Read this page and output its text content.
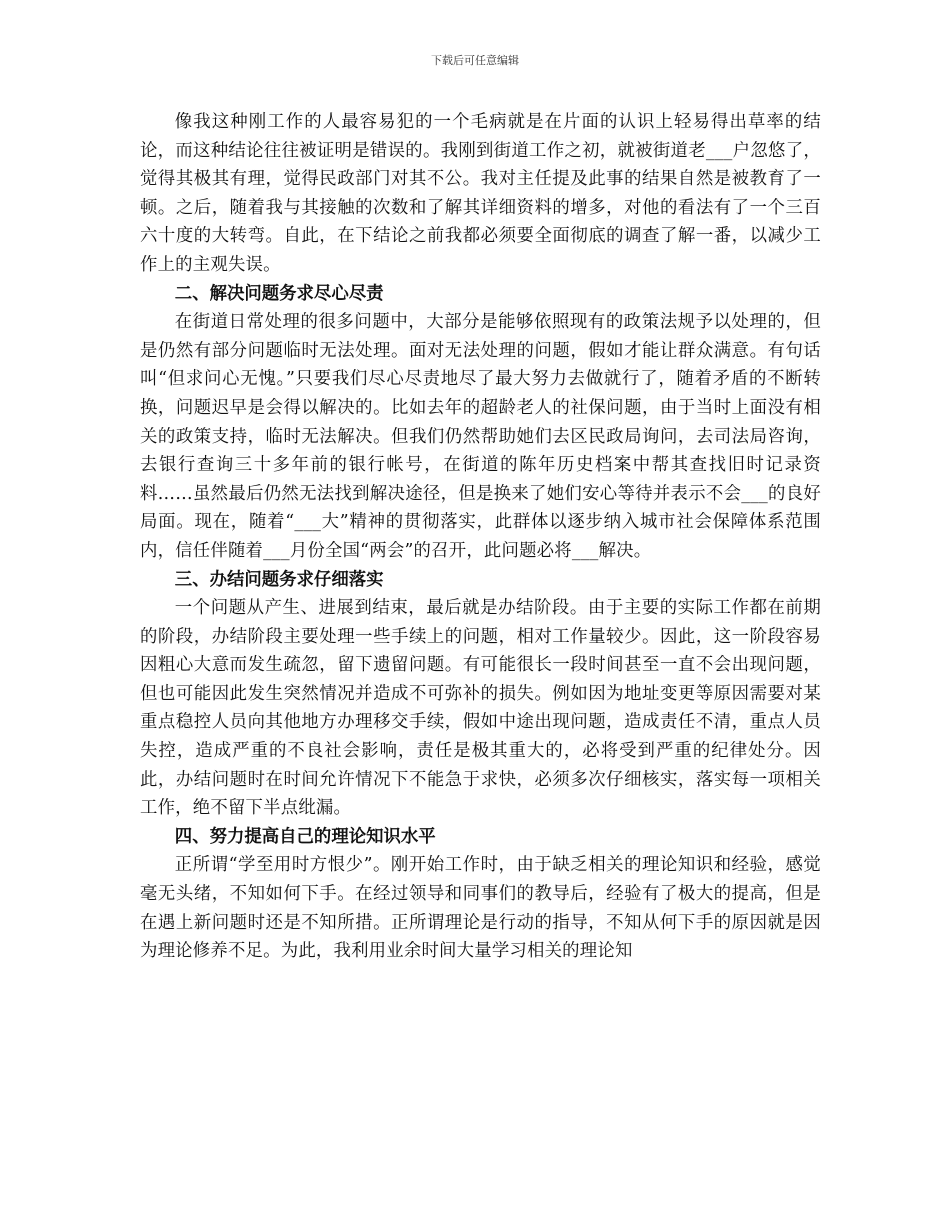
下载后可任意编辑

像我这种刚工作的人最容易犯的一个毛病就是在片面的认识上轻易得出草率的结论，而这种结论往往被证明是错误的。我刚到街道工作之初，就被街道老___户忽悠了，觉得其极其有理，觉得民政部门对其不公。我对主任提及此事的结果自然是被教育了一顿。之后，随着我与其接触的次数和了解其详细资料的增多，对他的看法有了一个三百六十度的大转弯。自此，在下结论之前我都必须要全面彻底的调查了解一番，以减少工作上的主观失误。

二、解决问题务求尽心尽责

在街道日常处理的很多问题中，大部分是能够依照现有的政策法规予以处理的，但是仍然有部分问题临时无法处理。面对无法处理的问题，假如才能让群众满意。有句话叫“但求问心无愧。”只要我们尽心尽责地尽了最大努力去做就行了，随着矛盾的不断转换，问题迟早是会得以解决的。比如去年的超龄老人的社保问题，由于当时上面没有相关的政策支持，临时无法解决。但我们仍然帮助她们去区民政局询问，去司法局咨询，去银行查询三十多年前的银行帐号，在街道的陈年历史档案中帮其查找旧时记录资料……虽然最后仍然无法找到解决途径，但是换来了她们安心等待并表示不会___的良好局面。现在，随着“___大”精神的贯彻落实，此群体以逐步纳入城市社会保障体系范围内，信任伴随着___月份全国“两会”的召开，此问题必将___解决。

三、办结问题务求仔细落实

一个问题从产生、进展到结束，最后就是办结阶段。由于主要的实际工作都在前期的阶段，办结阶段主要处理一些手续上的问题，相对工作量较少。因此，这一阶段容易因粗心大意而发生疏忽，留下遗留问题。有可能很长一段时间甚至一直不会出现问题，但也可能因此发生突然情况并造成不可弥补的损失。例如因为地址变更等原因需要对某重点稳控人员向其他地方办理移交手续，假如中途出现问题，造成责任不清，重点人员失控，造成严重的不良社会影响，责任是极其重大的，必将受到严重的纪律处分。因此，办结问题时在时间允许情况下不能急于求快，必须多次仔细核实，落实每一项相关工作，绝不留下半点纰漏。

四、努力提高自己的理论知识水平

正所谓“学至用时方恨少”。刚开始工作时，由于缺乏相关的理论知识和经验，感觉毫无头绪，不知如何下手。在经过领导和同事们的教导后，经验有了极大的提高，但是在遇上新问题时还是不知所措。正所谓理论是行动的指导，不知从何下手的原因就是因为理论修养不足。为此，我利用业余时间大量学习相关的理论知
